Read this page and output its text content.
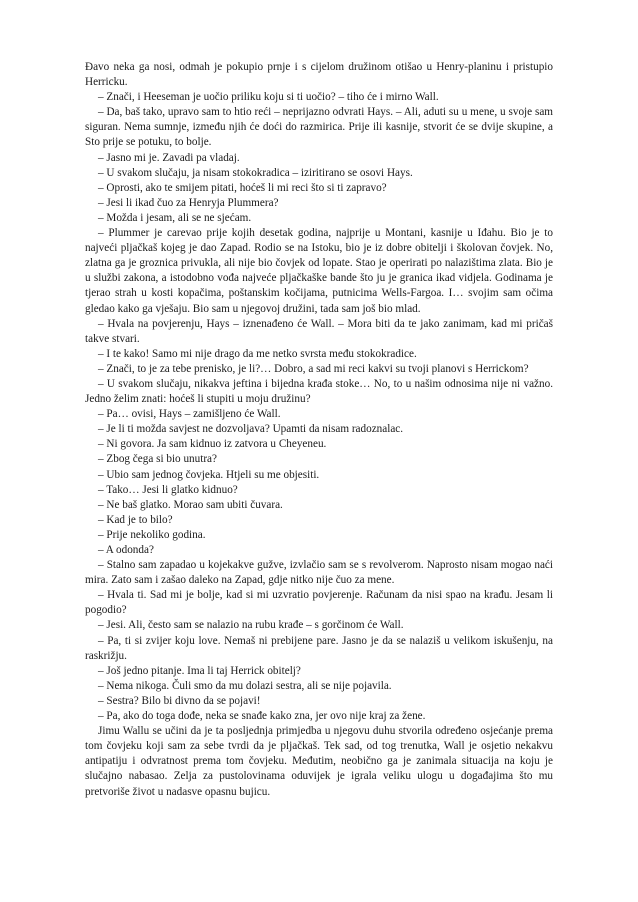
Đavo neka ga nosi, odmah je pokupio prnje i s cijelom družinom otišao u Henry-planinu i pristupio Herricku.

– Znači, i Heeseman je uočio priliku koju si ti uočio? – tiho će i mirno Wall.

– Da, baš tako, upravo sam to htio reći – neprijazno odvrati Hays. – Ali, aduti su u mene, u svoje sam siguran. Nema sumnje, između njih će doći do razmirica. Prije ili kasnije, stvorit će se dvije skupine, a Sto prije se potuku, to bolje.

– Jasno mi je. Zavadi pa vladaj.

– U svakom slučaju, ja nisam stokokradica – iziritirano se osovi Hays.

– Oprosti, ako te smijem pitati, hoćeš li mi reci što si ti zapravo?

– Jesi li ikad čuo za Henryja Plummera?

– Možda i jesam, ali se ne sjećam.

– Plummer je carevao prije kojih desetak godina, najprije u Montani, kasnije u Iđahu. Bio je to najveći pljačkaš kojeg je dao Zapad. Rodio se na Istoku, bio je iz dobre obitelji i školovan čovjek. No, zlatna ga je groznica privukla, ali nije bio čovjek od lopate. Stao je operirati po nalazištima zlata. Bio je u službi zakona, a istodobno vođa najveće pljačkaške bande što ju je granica ikad vidjela. Godinama je tjerao strah u kosti kopačima, poštanskim kočijama, putnicima Wells-Fargoa. I… svojim sam očima gledao kako ga vješaju. Bio sam u njegovoj družini, tada sam još bio mlad.

– Hvala na povjerenju, Hays – iznenađeno će Wall. – Mora biti da te jako zanimam, kad mi pričaš takve stvari.

– I te kako! Samo mi nije drago da me netko svrsta među stokokradice.

– Znači, to je za tebe prenisko, je li?… Dobro, a sad mi reci kakvi su tvoji planovi s Herrickom?

– U svakom slučaju, nikakva jeftina i bijedna krađa stoke… No, to u našim odnosima nije ni važno. Jedno želim znati: hoćeš li stupiti u moju družinu?

– Pa… ovisi, Hays – zamišljeno će Wall.

– Je li ti možda savjest ne dozvoljava? Upamti da nisam radoznalac.

– Ni govora. Ja sam kidnuo iz zatvora u Cheyeneu.

– Zbog čega si bio unutra?

– Ubio sam jednog čovjeka. Htjeli su me objesiti.

– Tako… Jesi li glatko kidnuo?

– Ne baš glatko. Morao sam ubiti čuvara.

– Kad je to bilo?

– Prije nekoliko godina.

– A odonda?

– Stalno sam zapadao u kojekakve gužve, izvlačio sam se s revolverom. Naprosto nisam mogao naći mira. Zato sam i zašao daleko na Zapad, gdje nitko nije čuo za mene.

– Hvala ti. Sad mi je bolje, kad si mi uzvratio povjerenje. Računam da nisi spao na krađu. Jesam li pogodio?

– Jesi. Ali, često sam se nalazio na rubu krađe – s gorčinom će Wall.

– Pa, ti si zvijer koju love. Nemaš ni prebijene pare. Jasno je da se nalaziš u velikom iskušenju, na raskrižju.

– Još jedno pitanje. Ima li taj Herrick obitelj?

– Nema nikoga. Čuli smo da mu dolazi sestra, ali se nije pojavila.

– Sestra? Bilo bi divno da se pojavi!

– Pa, ako do toga dođe, neka se snađe kako zna, jer ovo nije kraj za žene.

Jimu Wallu se učini da je ta posljednja primjedba u njegovu duhu stvorila određeno osjećanje prema tom čovjeku koji sam za sebe tvrdi da je pljačkaš. Tek sad, od tog trenutka, Wall je osjetio nekakvu antipatiju i odvratnost prema tom čovjeku. Međutim, neobično ga je zanimala situacija na koju je slučajno nabasao. Zelja za pustolovinama oduvijek je igrala veliku ulogu u događajima što mu pretvoriše život u nadasve opasnu bujicu.
